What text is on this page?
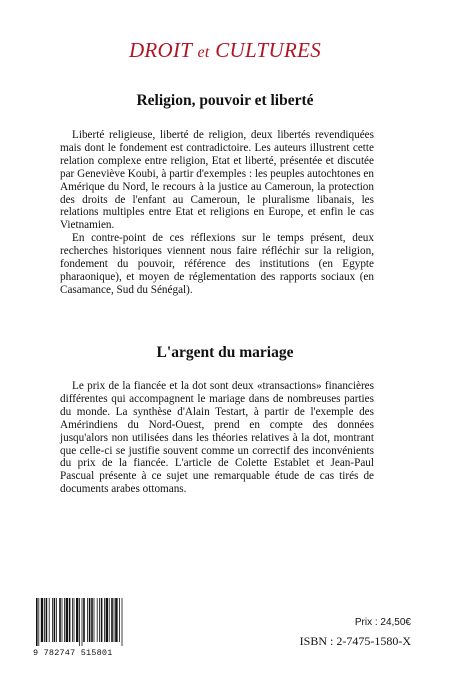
DROIT et CULTURES
Religion, pouvoir et liberté

Liberté religieuse, liberté de religion, deux libertés revendiquées mais dont le fondement est contradictoire. Les auteurs illustrent cette relation complexe entre religion, Etat et liberté, présentée et discutée par Geneviève Koubi, à partir d'exemples : les peuples autochtones en Amérique du Nord, le recours à la justice au Cameroun, la protection des droits de l'enfant au Cameroun, le pluralisme libanais, les relations multiples entre Etat et religions en Europe, et enfin le cas Vietnamien.

En contre-point de ces réflexions sur le temps présent, deux recherches historiques viennent nous faire réfléchir sur la religion, fondement du pouvoir, référence des institutions (en Egypte pharaonique), et moyen de réglementation des rapports sociaux (en Casamance, Sud du Sénégal).

L'argent du mariage

Le prix de la fiancée et la dot sont deux «transactions» financières différentes qui accompagnent le mariage dans de nombreuses parties du monde. La synthèse d'Alain Testart, à partir de l'exemple des Amérindiens du Nord-Ouest, prend en compte des données jusqu'alors non utilisées dans les théories relatives à la dot, montrant que celle-ci se justifie souvent comme un correctif des inconvénients du prix de la fiancée. L'article de Colette Establet et Jean-Paul Pascual présente à ce sujet une remarquable étude de cas tirés de documents arabes ottomans.

9 782747 515801
Prix : 24,50€
ISBN : 2-7475-1580-X
